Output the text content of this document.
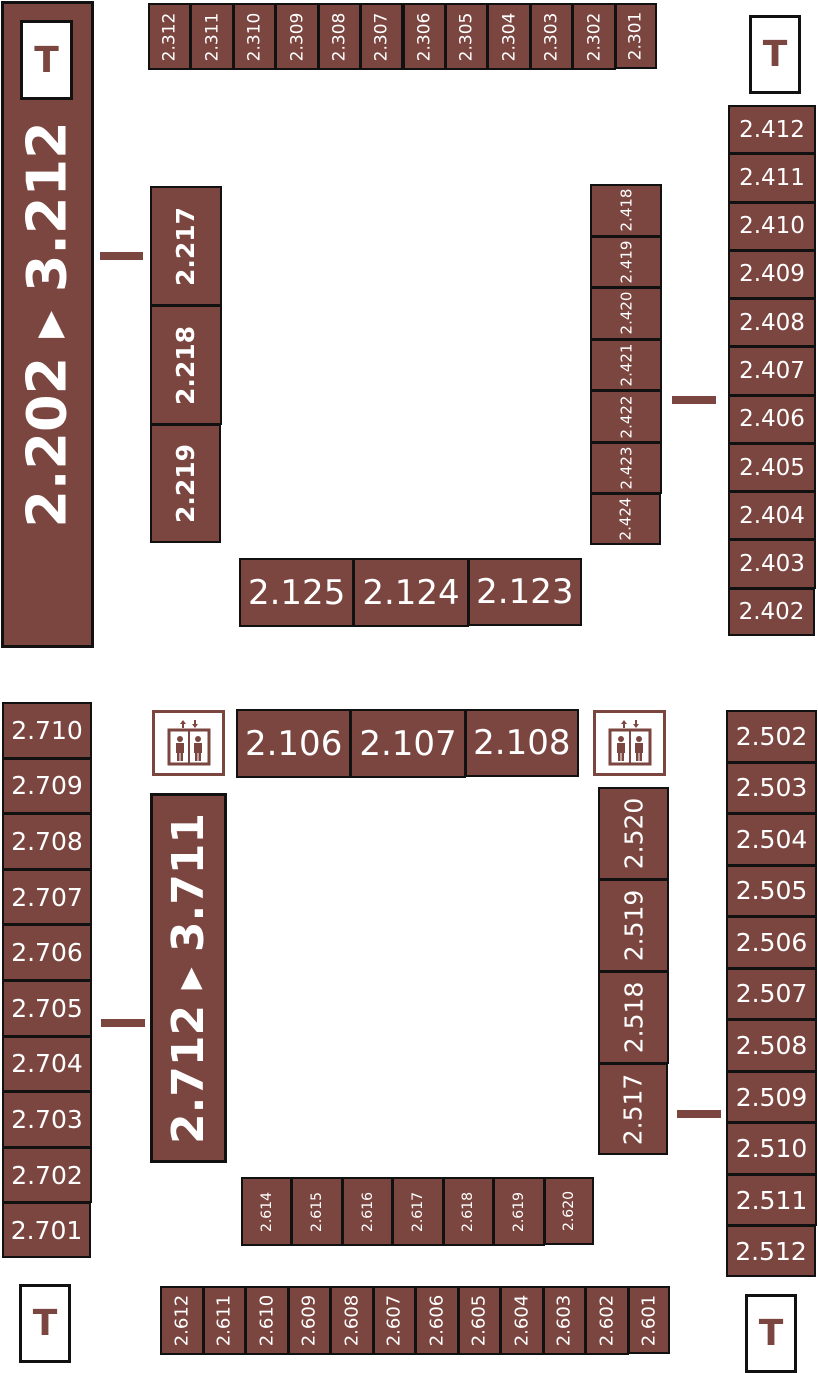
2.312 2.311 2.310 2.309 2.308 2.307 2.306 2.305 2.304 2.303 2.302 2.301
2.217
2.218
2.219
2.418
2.419
2.420
2.421
2.422
2.423
2.424
2.412
2.411
2.410
2.409
2.408
2.407
2.406
2.405
2.404
2.403
2.402
2.125 2.124 2.123
2.106 2.107 2.108
2.710
2.709
2.708
2.707
2.706
2.705
2.704
2.703
2.702
2.701
2.520
2.519
2.518
2.517
2.502
2.503
2.504
2.505
2.506
2.507
2.508
2.509
2.510
2.511
2.512
2.614 2.615 2.616 2.617 2.618 2.619 2.620
2.612 2.611 2.610 2.609 2.608 2.607 2.606 2.605 2.604 2.603 2.602 2.601
2.202 ▸ 3.212
2.712 ▸ 3.711
T	T
T	T
